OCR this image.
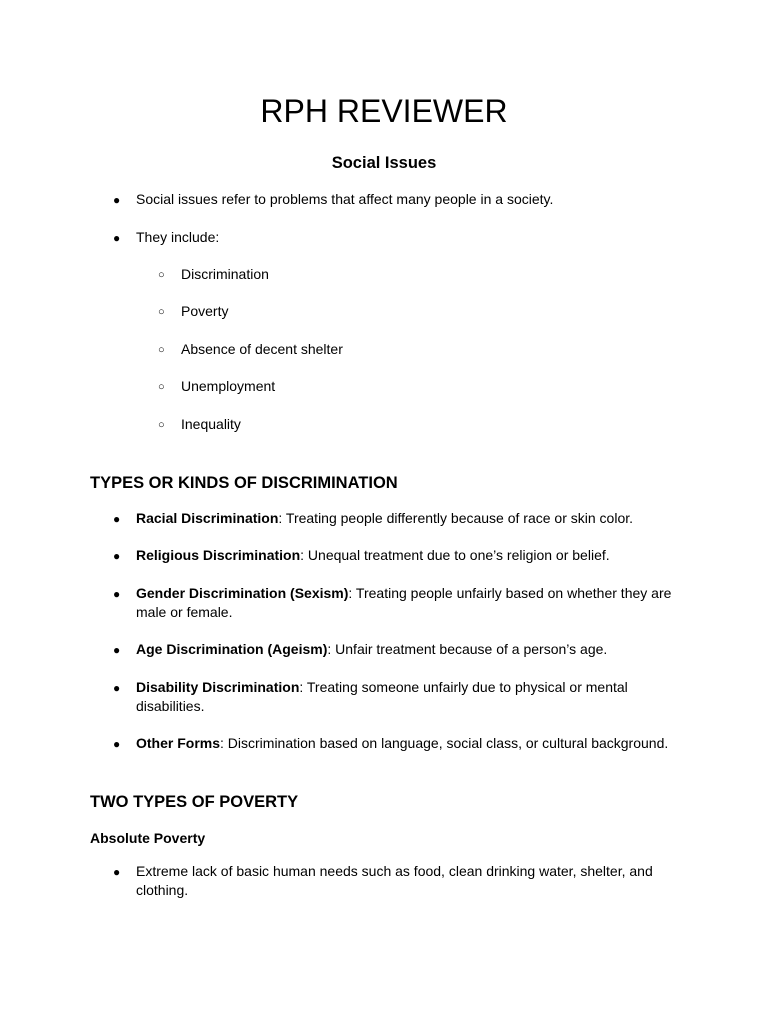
RPH REVIEWER
Social Issues
● Social issues refer to problems that affect many people in a society.
● They include:
○ Discrimination
○ Poverty
○ Absence of decent shelter
○ Unemployment
○ Inequality
TYPES OR KINDS OF DISCRIMINATION
● Racial Discrimination: Treating people differently because of race or skin color.
● Religious Discrimination: Unequal treatment due to one’s religion or belief.
● Gender Discrimination (Sexism): Treating people unfairly based on whether they are male or female.
● Age Discrimination (Ageism): Unfair treatment because of a person’s age.
● Disability Discrimination: Treating someone unfairly due to physical or mental disabilities.
● Other Forms: Discrimination based on language, social class, or cultural background.
TWO TYPES OF POVERTY
Absolute Poverty
● Extreme lack of basic human needs such as food, clean drinking water, shelter, and clothing.
